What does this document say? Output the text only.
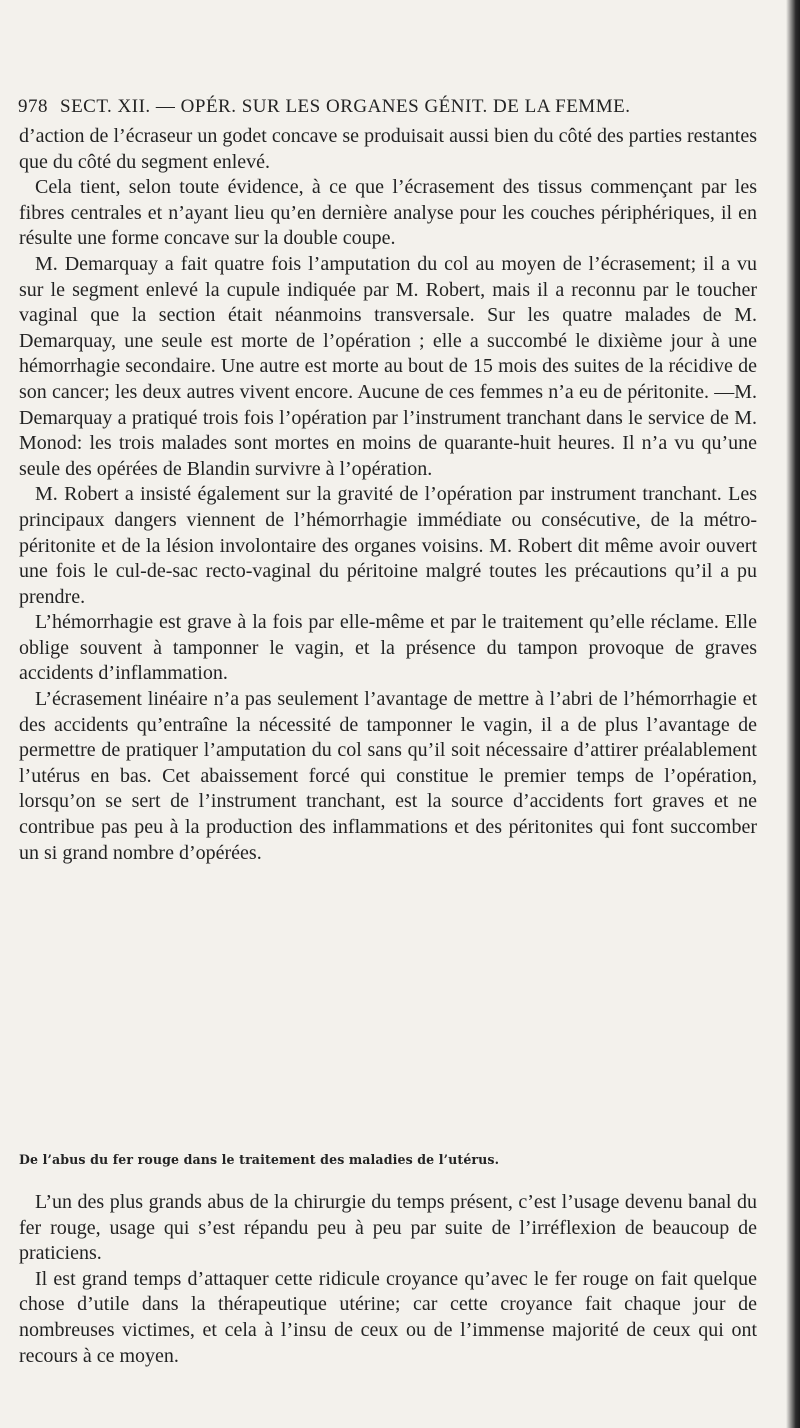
978 SECT. XII. — OPÉR. SUR LES ORGANES GÉNIT. DE LA FEMME.

d’action de l’écraseur un godet concave se produisait aussi bien du côté des parties restantes que du côté du segment enlevé.

Cela tient, selon toute évidence, à ce que l’écrasement des tissus commençant par les fibres centrales et n’ayant lieu qu’en dernière analyse pour les couches périphériques, il en résulte une forme concave sur la double coupe.

M. Demarquay a fait quatre fois l’amputation du col au moyen de l’écrasement; il a vu sur le segment enlevé la cupule indiquée par M. Robert, mais il a reconnu par le toucher vaginal que la section était néanmoins transversale. Sur les quatre malades de M. Demarquay, une seule est morte de l’opération ; elle a succombé le dixième jour à une hémorrhagie secondaire. Une autre est morte au bout de 15 mois des suites de la récidive de son cancer; les deux autres vivent encore. Aucune de ces femmes n’a eu de péritonite. —M. Demarquay a pratiqué trois fois l’opération par l’instrument tranchant dans le service de M. Monod: les trois malades sont mortes en moins de quarante-huit heures. Il n’a vu qu’une seule des opérées de Blandin survivre à l’opération.

M. Robert a insisté également sur la gravité de l’opération par instrument tranchant. Les principaux dangers viennent de l’hémorrhagie immédiate ou consécutive, de la métro-péritonite et de la lésion involontaire des organes voisins. M. Robert dit même avoir ouvert une fois le cul-de-sac recto-vaginal du péritoine malgré toutes les précautions qu’il a pu prendre.

L’hémorrhagie est grave à la fois par elle-même et par le traitement qu’elle réclame. Elle oblige souvent à tamponner le vagin, et la présence du tampon provoque de graves accidents d’inflammation.

L’écrasement linéaire n’a pas seulement l’avantage de mettre à l’abri de l’hémorrhagie et des accidents qu’entraîne la nécessité de tamponner le vagin, il a de plus l’avantage de permettre de pratiquer l’amputation du col sans qu’il soit nécessaire d’attirer préalablement l’utérus en bas. Cet abaissement forcé qui constitue le premier temps de l’opération, lorsqu’on se sert de l’instrument tranchant, est la source d’accidents fort graves et ne contribue pas peu à la production des inflammations et des péritonites qui font succomber un si grand nombre d’opérées.

De l’abus du fer rouge dans le traitement des maladies de l’utérus.

L’un des plus grands abus de la chirurgie du temps présent, c’est l’usage devenu banal du fer rouge, usage qui s’est répandu peu à peu par suite de l’irréflexion de beaucoup de praticiens.

Il est grand temps d’attaquer cette ridicule croyance qu’avec le fer rouge on fait quelque chose d’utile dans la thérapeutique utérine; car cette croyance fait chaque jour de nombreuses victimes, et cela à l’insu de ceux ou de l’immense majorité de ceux qui ont recours à ce moyen.
